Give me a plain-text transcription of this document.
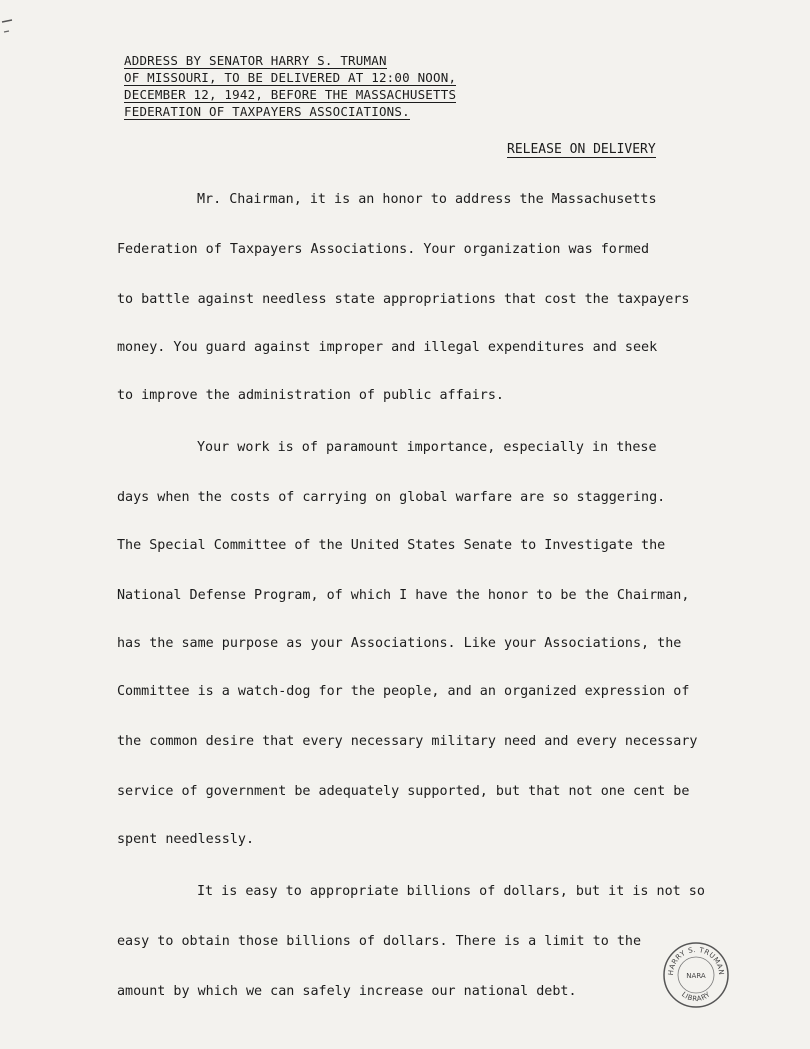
ADDRESS BY SENATOR HARRY S. TRUMAN
OF MISSOURI, TO BE DELIVERED AT 12:00 NOON,
DECEMBER 12, 1942, BEFORE THE MASSACHUSETTS
FEDERATION OF TAXPAYERS ASSOCIATIONS.
RELEASE ON DELIVERY
Mr. Chairman, it is an honor to address the Massachusetts
Federation of Taxpayers Associations. Your organization was formed
to battle against needless state appropriations that cost the taxpayers
money. You guard against improper and illegal expenditures and seek
to improve the administration of public affairs.
Your work is of paramount importance, especially in these
days when the costs of carrying on global warfare are so staggering.
The Special Committee of the United States Senate to Investigate the
National Defense Program, of which I have the honor to be the Chairman,
has the same purpose as your Associations. Like your Associations, the
Committee is a watch-dog for the people, and an organized expression of
the common desire that every necessary military need and every necessary
service of government be adequately supported, but that not one cent be
spent needlessly.
It is easy to appropriate billions of dollars, but it is not so
easy to obtain those billions of dollars. There is a limit to the
amount by which we can safely increase our national debt.
HARRY S. TRUMAN
LIBRARY
NARA
